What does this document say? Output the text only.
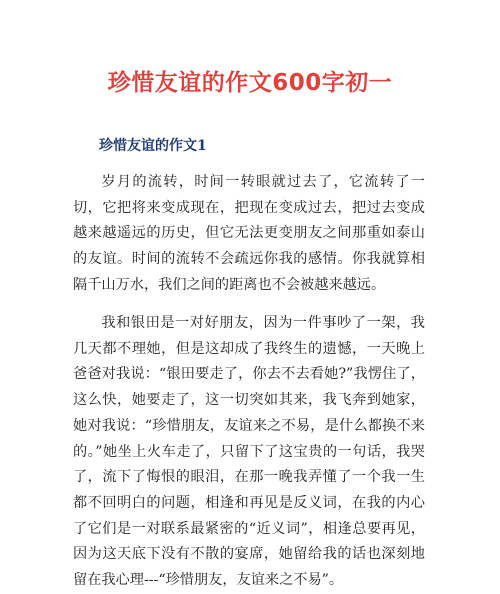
珍惜友谊的作文600字初一
珍惜友谊的作文1

岁月的流转，时间一转眼就过去了，它流转了一切，它把将来变成现在，把现在变成过去，把过去变成越来越遥远的历史，但它无法更变朋友之间那重如泰山的友谊。时间的流转不会疏远你我的感情。你我就算相隔千山万水，我们之间的距离也不会被越来越远。

我和银田是一对好朋友，因为一件事吵了一架，我几天都不理她，但是这却成了我终生的遗憾，一天晚上爸爸对我说：“银田要走了，你去不去看她?”我愣住了，这么快，她要走了，这一切突如其来，我飞奔到她家，她对我说：“珍惜朋友，友谊来之不易，是什么都换不来的。”她坐上火车走了，只留下了这宝贵的一句话，我哭了，流下了悔恨的眼泪，在那一晚我弄懂了一个我一生都不回明白的问题，相逢和再见是反义词，在我的内心了它们是一对联系最紧密的“近义词”，相逢总要再见，因为这天底下没有不散的宴席，她留给我的话也深刻地留在我心理---“珍惜朋友，友谊来之不易”。
